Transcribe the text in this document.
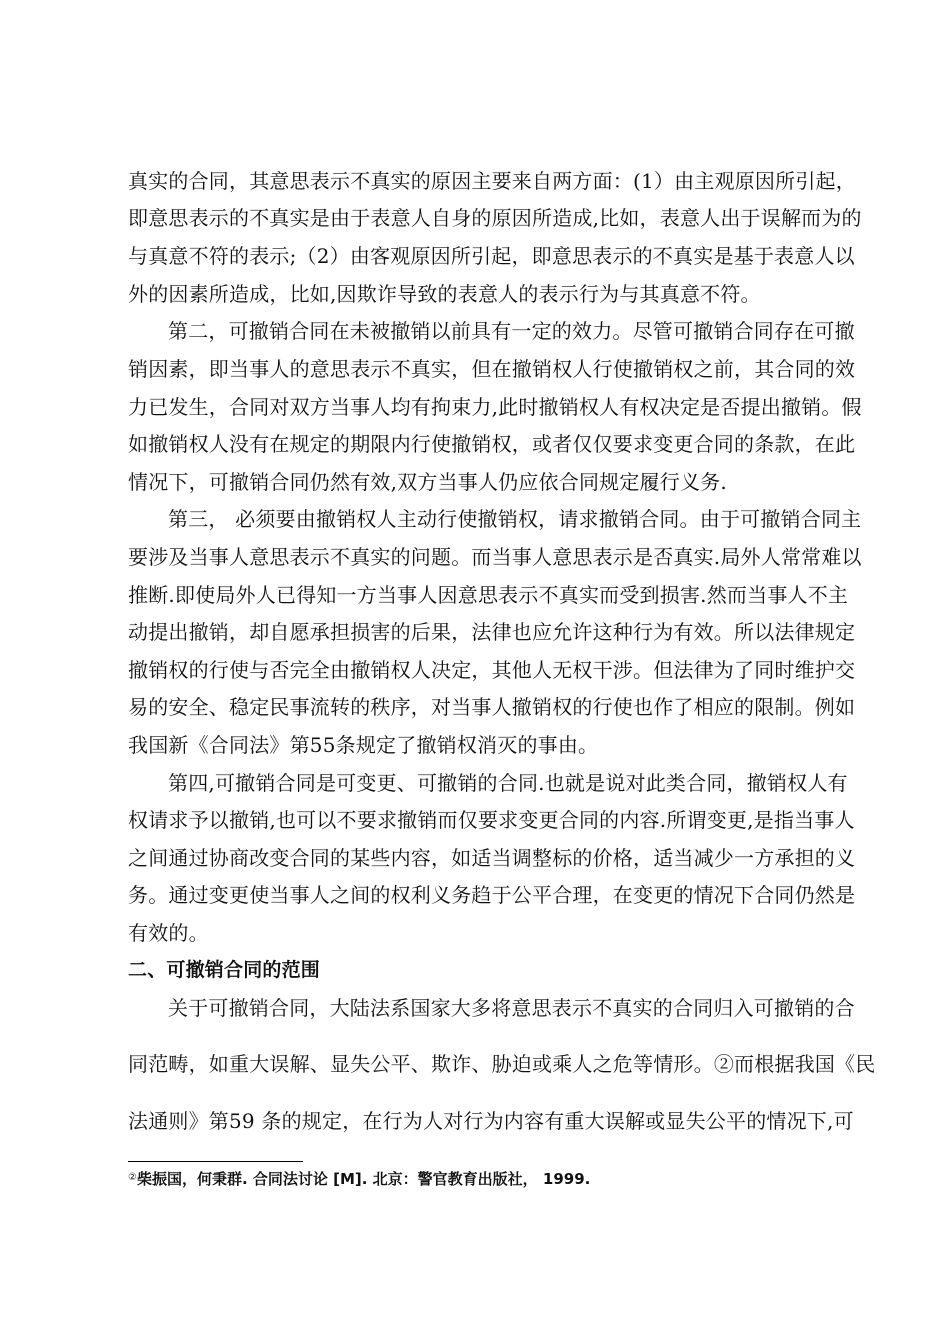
真实的合同，其意思表示不真实的原因主要来自两方面：(1）由主观原因所引起，
即意思表示的不真实是由于表意人自身的原因所造成,比如，表意人出于误解而为的
与真意不符的表示;（2）由客观原因所引起，即意思表示的不真实是基于表意人以
外的因素所造成，比如,因欺诈导致的表意人的表示行为与其真意不符。
第二，可撤销合同在未被撤销以前具有一定的效力。尽管可撤销合同存在可撤
销因素，即当事人的意思表示不真实，但在撤销权人行使撤销权之前，其合同的效
力已发生，合同对双方当事人均有拘束力,此时撤销权人有权决定是否提出撤销。假
如撤销权人没有在规定的期限内行使撤销权，或者仅仅要求变更合同的条款，在此
情况下，可撤销合同仍然有效,双方当事人仍应依合同规定履行义务.
第三， 必须要由撤销权人主动行使撤销权，请求撤销合同。由于可撤销合同主
要涉及当事人意思表示不真实的问题。而当事人意思表示是否真实.局外人常常难以
推断.即使局外人已得知一方当事人因意思表示不真实而受到损害.然而当事人不主
动提出撤销，却自愿承担损害的后果，法律也应允许这种行为有效。所以法律规定
撤销权的行使与否完全由撤销权人决定，其他人无权干涉。但法律为了同时维护交
易的安全、稳定民事流转的秩序，对当事人撤销权的行使也作了相应的限制。例如
我国新《合同法》第55条规定了撤销权消灭的事由。
第四,可撤销合同是可变更、可撤销的合同.也就是说对此类合同，撤销权人有
权请求予以撤销,也可以不要求撤销而仅要求变更合同的内容.所谓变更,是指当事人
之间通过协商改变合同的某些内容，如适当调整标的价格，适当减少一方承担的义
务。通过变更使当事人之间的权利义务趋于公平合理，在变更的情况下合同仍然是
有效的。
二、可撤销合同的范围
关于可撤销合同，大陆法系国家大多将意思表示不真实的合同归入可撤销的合
同范畴，如重大误解、显失公平、欺诈、胁迫或乘人之危等情形。②而根据我国《民
法通则》第59 条的规定，在行为人对行为内容有重大误解或显失公平的情况下,可
②柴振国，何秉群. 合同法讨论 [M]. 北京：警官教育出版社， 1999.
